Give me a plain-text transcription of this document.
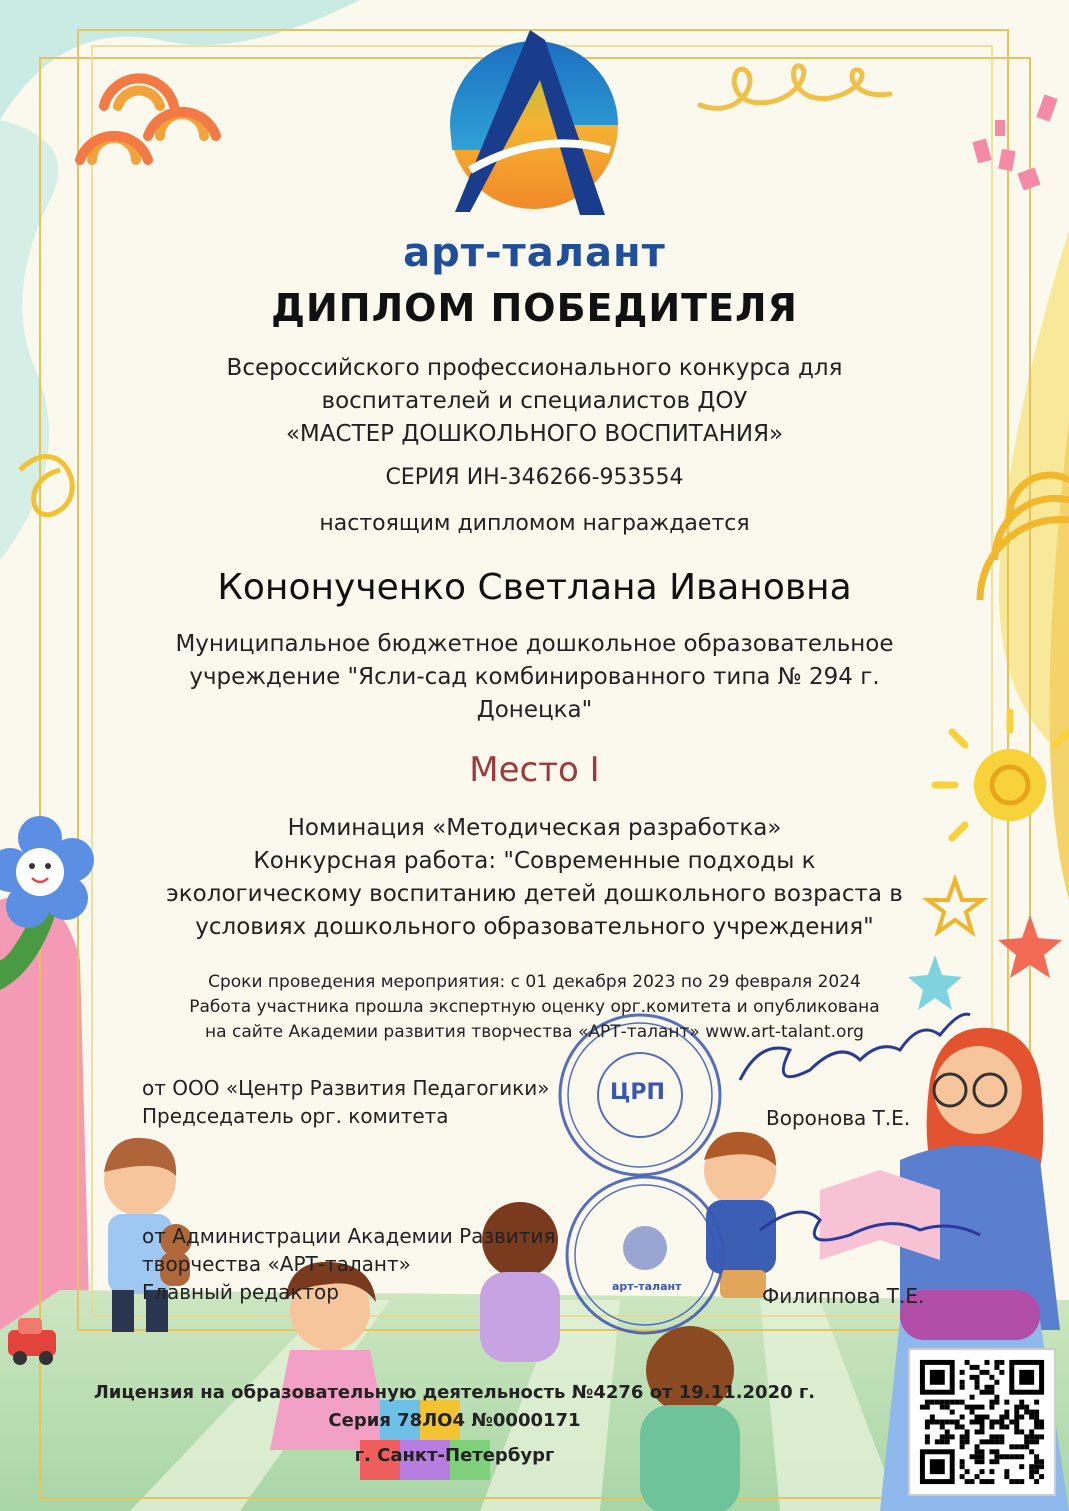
арт-талант
ДИПЛОМ ПОБЕДИТЕЛЯ
Всероссийского профессионального конкурса для
воспитателей и специалистов ДОУ
«МАСТЕР ДОШКОЛЬНОГО ВОСПИТАНИЯ»
СЕРИЯ ИН-346266-953554
настоящим дипломом награждается
Кононученко Светлана Ивановна
Муниципальное бюджетное дошкольное образовательное
учреждение "Ясли-сад комбинированного типа № 294 г.
Донецка"
Место I
Номинация «Методическая разработка»
Конкурсная работа: "Современные подходы к
экологическому воспитанию детей дошкольного возраста в
условиях дошкольного образовательного учреждения"
Сроки проведения мероприятия: с 01 декабря 2023 по 29 февраля 2024
Работа участника прошла экспертную оценку орг.комитета и опубликована
на сайте Академии развития творчества «АРТ-талант» www.art-talant.org
от ООО «Центр Развития Педагогики»
Председатель орг. комитета	Воронова Т.Е.
ЦРП
от Администрации Академии Развития
творчества «АРТ-талант»
Главный редактор	Филиппова Т.Е.
арт-талант
Лицензия на образовательную деятельность №4276 от 19.11.2020 г.
Серия 78ЛО4 №0000171
г. Санкт-Петербург
